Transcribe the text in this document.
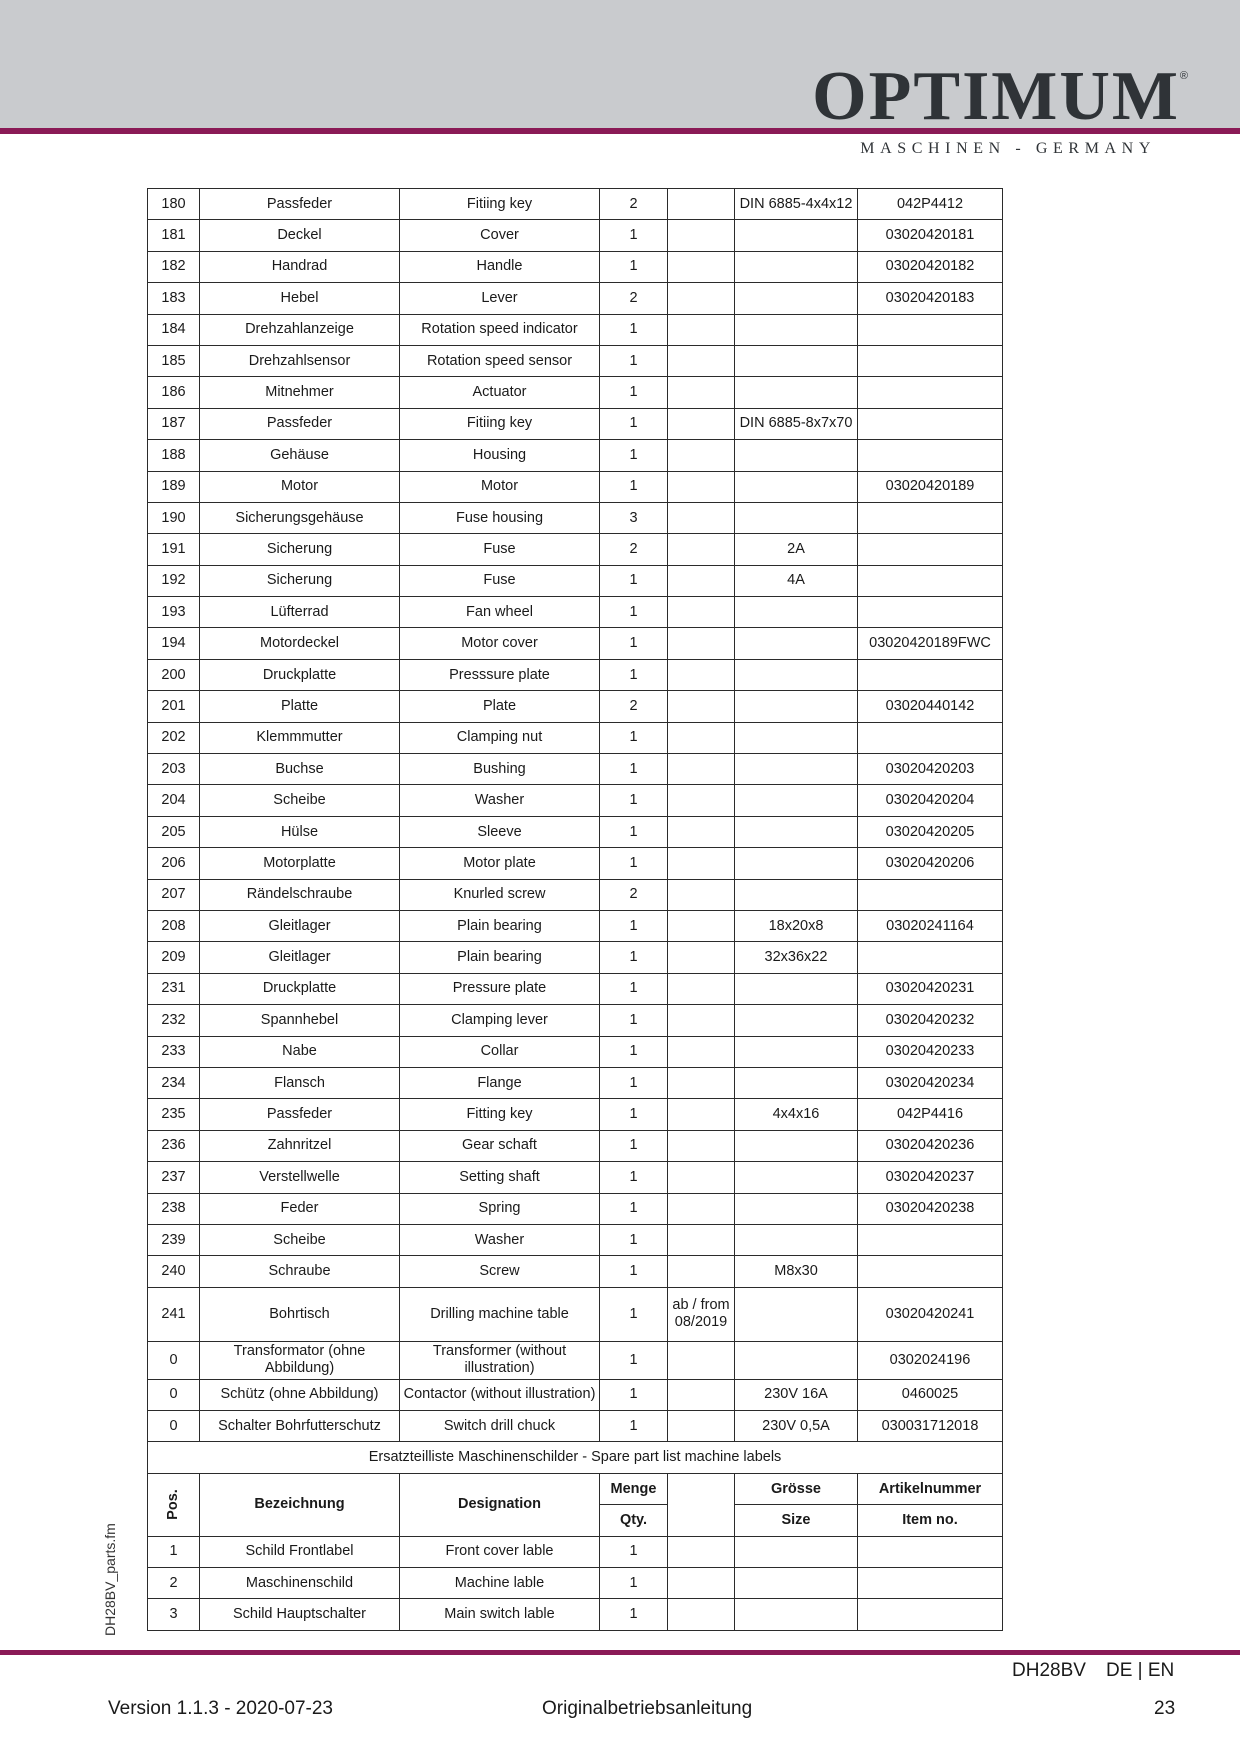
OPTIMUM ®
MASCHINEN - GERMANY
180	Passfeder	Fitiing key	2		DIN 6885-4x4x12	042P4412
181	Deckel	Cover	1			03020420181
182	Handrad	Handle	1			03020420182
183	Hebel	Lever	2			03020420183
184	Drehzahlanzeige	Rotation speed indicator	1			
185	Drehzahlsensor	Rotation speed sensor	1			
186	Mitnehmer	Actuator	1			
187	Passfeder	Fitiing key	1		DIN 6885-8x7x70	
188	Gehäuse	Housing	1			
189	Motor	Motor	1			03020420189
190	Sicherungsgehäuse	Fuse housing	3			
191	Sicherung	Fuse	2		2A	
192	Sicherung	Fuse	1		4A	
193	Lüfterrad	Fan wheel	1			
194	Motordeckel	Motor cover	1			03020420189FWC
200	Druckplatte	Presssure plate	1			
201	Platte	Plate	2			03020440142
202	Klemmmutter	Clamping nut	1			
203	Buchse	Bushing	1			03020420203
204	Scheibe	Washer	1			03020420204
205	Hülse	Sleeve	1			03020420205
206	Motorplatte	Motor plate	1			03020420206
207	Rändelschraube	Knurled screw	2			
208	Gleitlager	Plain bearing	1		18x20x8	03020241164
209	Gleitlager	Plain bearing	1		32x36x22	
231	Druckplatte	Pressure plate	1			03020420231
232	Spannhebel	Clamping lever	1			03020420232
233	Nabe	Collar	1			03020420233
234	Flansch	Flange	1			03020420234
235	Passfeder	Fitting key	1		4x4x16	042P4416
236	Zahnritzel	Gear schaft	1			03020420236
237	Verstellwelle	Setting shaft	1			03020420237
238	Feder	Spring	1			03020420238
239	Scheibe	Washer	1			
240	Schraube	Screw	1		M8x30	
241	Bohrtisch	Drilling machine table	1	ab / from 08/2019		03020420241
0	Transformator (ohne Abbildung)	Transformer (without illustration)	1			0302024196
0	Schütz (ohne Abbildung)	Contactor (without illustration)	1		230V 16A	0460025
0	Schalter Bohrfutterschutz	Switch drill chuck	1		230V 0,5A	030031712018
Ersatzteilliste Maschinenschilder - Spare part list machine labels						
Pos.	Bezeichnung	Designation	Menge		Grösse	Artikelnummer
			Qty.		Size	Item no.
1	Schild Frontlabel	Front cover lable	1			
2	Maschinenschild	Machine lable	1			
3	Schild Hauptschalter	Main switch lable	1			
DH28BV_parts.fm
DH28BV DE | EN
Version 1.1.3 - 2020-07-23	Originalbetriebsanleitung	23
